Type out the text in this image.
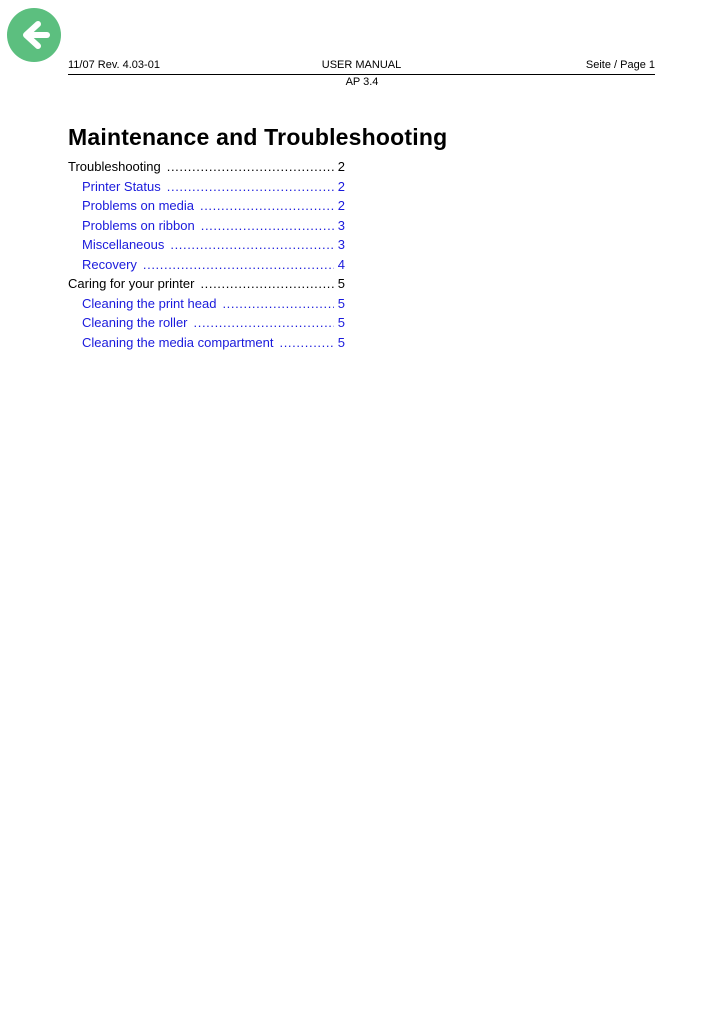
11/07 Rev. 4.03-01	USER MANUAL	Seite / Page 1
AP 3.4
Maintenance and Troubleshooting
Troubleshooting .....	2
Printer Status .....	2
Problems on media .....	2
Problems on ribbon .....	3
Miscellaneous .....	3
Recovery .....	4
Caring for your printer .....	5
Cleaning the print head .....	5
Cleaning the roller .....	5
Cleaning the media compartment .....	5
